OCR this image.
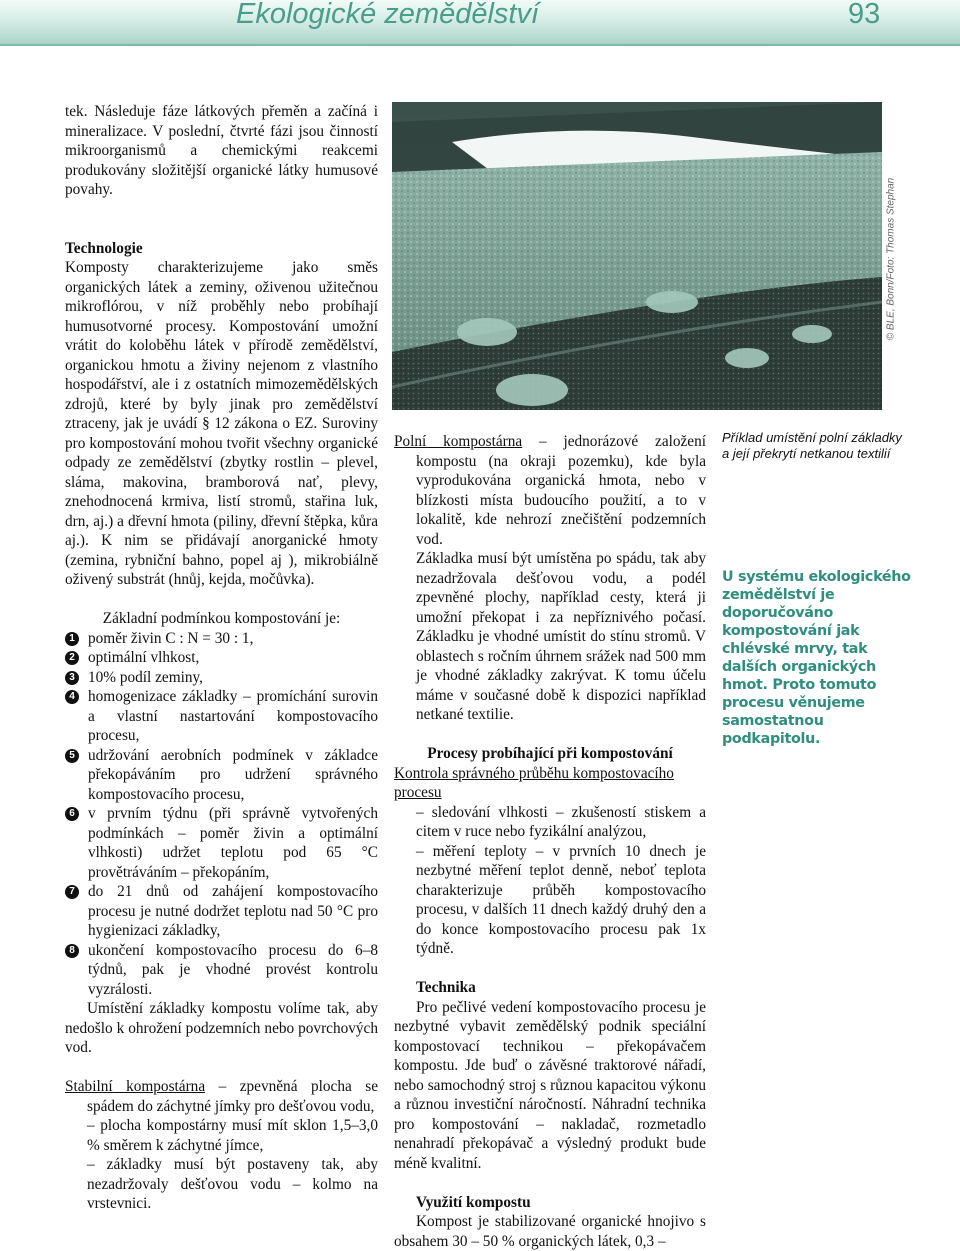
Ekologické zemědělství	93

tek. Následuje fáze látkových přeměn a začíná i mineralizace. V poslední, čtvrté fázi jsou činností mikroorganismů a chemickými reakcemi produkovány složitější organické látky humusové povahy.

Technologie

Komposty charakterizujeme jako směs organických látek a zeminy, oživenou užitečnou mikroflórou, v níž proběhly nebo probíhají humusotvorné procesy. Kompostování umožní vrátit do koloběhu látek v přírodě zemědělství, organickou hmotu a živiny nejenom z vlastního hospodářství, ale i z ostatních mimozemědělských zdrojů, které by byly jinak pro zemědělství ztraceny, jak je uvádí § 12 zákona o EZ. Suroviny pro kompostování mohou tvořit všechny organické odpady ze zemědělství (zbytky rostlin – plevel, sláma, makovina, bramborová nať, plevy, znehodnocená krmiva, listí stromů, stařina luk, drn, aj.) a dřevní hmota (piliny, dřevní štěpka, kůra aj.). K nim se přidávají anorganické hmoty (zemina, rybniční bahno, popel aj ), mikrobiálně oživený substrát (hnůj, kejda, močůvka).

Základní podmínkou kompostování je:

1 poměr živin C : N = 30 : 1,
2 optimální vlhkost,
3 10% podíl zeminy,
4 homogenizace základky – promíchání surovin a vlastní nastartování kompostovacího procesu,
5 udržování aerobních podmínek v základce překopáváním pro udržení správného kompostovacího procesu,
6 v prvním týdnu (při správně vytvořených podmínkách – poměr živin a optimální vlhkosti) udržet teplotu pod 65 °C provětráváním – překopáním,
7 do 21 dnů od zahájení kompostovacího procesu je nutné dodržet teplotu nad 50 °C pro hygienizaci základky,
8 ukončení kompostovacího procesu do 6–8 týdnů, pak je vhodné provést kontrolu vyzrálosti.

Umístění základky kompostu volíme tak, aby nedošlo k ohrožení podzemních nebo povrchových vod.

Stabilní kompostárna – zpevněná plocha se spádem do záchytné jímky pro dešťovou vodu,

– plocha kompostárny musí mít sklon 1,5–3,0 % směrem k záchytné jímce,

– základky musí být postaveny tak, aby nezadržovaly dešťovou vodu – kolmo na vrstevnici.

© BLE, Bonn/Foto: Thomas Stephan

Polní kompostárna – jednorázové založení kompostu (na okraji pozemku), kde byla vyprodukována organická hmota, nebo v blízkosti místa budoucího použití, a to v lokalitě, kde nehrozí znečištění podzemních vod.

Základka musí být umístěna po spádu, tak aby nezadržovala dešťovou vodu, a podél zpevněné plochy, například cesty, která ji umožní překopat i za nepříznivého počasí. Základku je vhodné umístit do stínu stromů. V oblastech s ročním úhrnem srážek nad 500 mm je vhodné základky zakrývat. K tomu účelu máme v současné době k dispozici například netkané textilie.

Procesy probíhající při kompostování

Kontrola správného průběhu kompostovacího procesu

– sledování vlhkosti – zkušeností stiskem a citem v ruce nebo fyzikální analýzou,

– měření teploty – v prvních 10 dnech je nezbytné měření teplot denně, neboť teplota charakterizuje průběh kompostovacího procesu, v dalších 11 dnech každý druhý den a do konce kompostovacího procesu pak 1x týdně.

Technika

Pro pečlivé vedení kompostovacího procesu je nezbytné vybavit zemědělský podnik speciální kompostovací technikou – překopávačem kompostu. Jde buď o závěsné traktorové nářadí, nebo samochodný stroj s různou kapacitou výkonu a různou investiční náročností. Náhradní technika pro kompostování – nakladač, rozmetadlo nenahradí překopávač a výsledný produkt bude méně kvalitní.

Využití kompostu

Kompost je stabilizované organické hnojivo s obsahem 30 – 50 % organických látek, 0,3 –

Příklad umístění polní základky a její překrytí netkanou textilií
U systému ekologického zemědělství je doporučováno kompostování jak chlévské mrvy, tak dalších organických hmot. Proto tomuto procesu věnujeme samostatnou podkapitolu.
